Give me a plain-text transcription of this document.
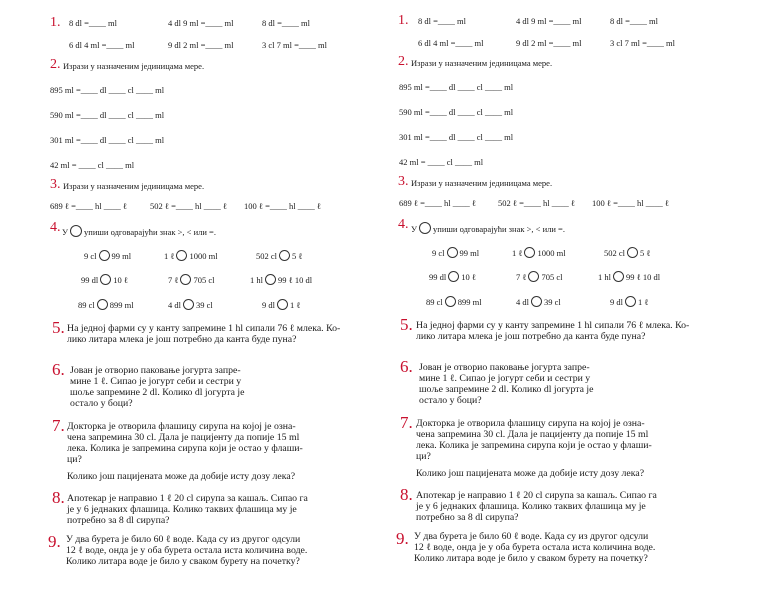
1. 8 dl =____ ml	4 dl 9 ml =____ ml	8 dl =____ ml
6 dl 4 ml =____ ml	9 dl 2 ml =____ ml	3 cl 7 ml =____ ml
2. Изрази у назначеним јединицама мере.
895 ml =____ dl ____ cl ____ ml
590 ml =____ dl ____ cl ____ ml
301 ml =____ dl ____ cl ____ ml
42 ml = ____ cl ____ ml
3. Изрази у назначеним јединицама мере.
689 ℓ =____ hl ____ ℓ	502 ℓ =____ hl ____ ℓ 100 ℓ =____ hl ____ ℓ
4. У упиши одговарајући знак >, < или =.
9 cl 99 ml	1 ℓ 1000 ml	502 cl 5 ℓ
99 dl 10 ℓ	7 ℓ 705 cl	1 hl 99 ℓ 10 dl
89 cl 899 ml	4 dl 39 cl	9 dl 1 ℓ
5. На једној фарми су у канту запремине 1 hl сипали 76 ℓ млека. Ко-
лико литара млека је још потребно да канта буде пуна?
6. Јован је отворио паковање јогурта запре-
мине 1 ℓ. Сипао је јогурт себи и сестри у
шоље запремине 2 dl. Колико dl јогурта је
остало у боци?
7. Докторка је отворила флашицу сирупа на којој је озна-
чена запремина 30 cl. Дала је пацијенту да попије 15 ml
лека. Колика је запремина сирупа који је остао у флаши-
ци?
Колико још пацијената може да добије исту дозу лека?
8. Апотекар је направио 1 ℓ 20 cl сирупа за кашаљ. Сипао га
је у 6 једнаких флашица. Колико таквих флашица му је
потребно за 8 dl сирупа?
9. У два бурета је било 60 ℓ воде. Када су из другог одсули
12 ℓ воде, онда је у оба бурета остала иста количина воде.
Колико литара воде је било у сваком бурету на почетку?
1. 8 dl =____ ml	4 dl 9 ml =____ ml	8 dl =____ ml
6 dl 4 ml =____ ml	9 dl 2 ml =____ ml	3 cl 7 ml =____ ml
2. Изрази у назначеним јединицама мере.
895 ml =____ dl ____ cl ____ ml
590 ml =____ dl ____ cl ____ ml
301 ml =____ dl ____ cl ____ ml
42 ml = ____ cl ____ ml
3. Изрази у назначеним јединицама мере.
689 ℓ =____ hl ____ ℓ	502 ℓ =____ hl ____ ℓ 100 ℓ =____ hl ____ ℓ
4. У упиши одговарајући знак >, < или =.
9 cl 99 ml	1 ℓ 1000 ml	502 cl 5 ℓ
99 dl 10 ℓ	7 ℓ 705 cl	1 hl 99 ℓ 10 dl
89 cl 899 ml	4 dl 39 cl	9 dl 1 ℓ
5. На једној фарми су у канту запремине 1 hl сипали 76 ℓ млека. Ко-
лико литара млека је још потребно да канта буде пуна?
6. Јован је отворио паковање јогурта запре-
мине 1 ℓ. Сипао је јогурт себи и сестри у
шоље запремине 2 dl. Колико dl јогурта је
остало у боци?
7. Докторка је отворила флашицу сирупа на којој је озна-
чена запремина 30 cl. Дала је пацијенту да попије 15 ml
лека. Колика је запремина сирупа који је остао у флаши-
ци?
Колико још пацијената може да добије исту дозу лека?
8. Апотекар је направио 1 ℓ 20 cl сирупа за кашаљ. Сипао га
је у 6 једнаких флашица. Колико таквих флашица му је
потребно за 8 dl сирупа?
9. У два бурета је било 60 ℓ воде. Када су из другог одсули
12 ℓ воде, онда је у оба бурета остала иста количина воде.
Колико литара воде је било у сваком бурету на почетку?
